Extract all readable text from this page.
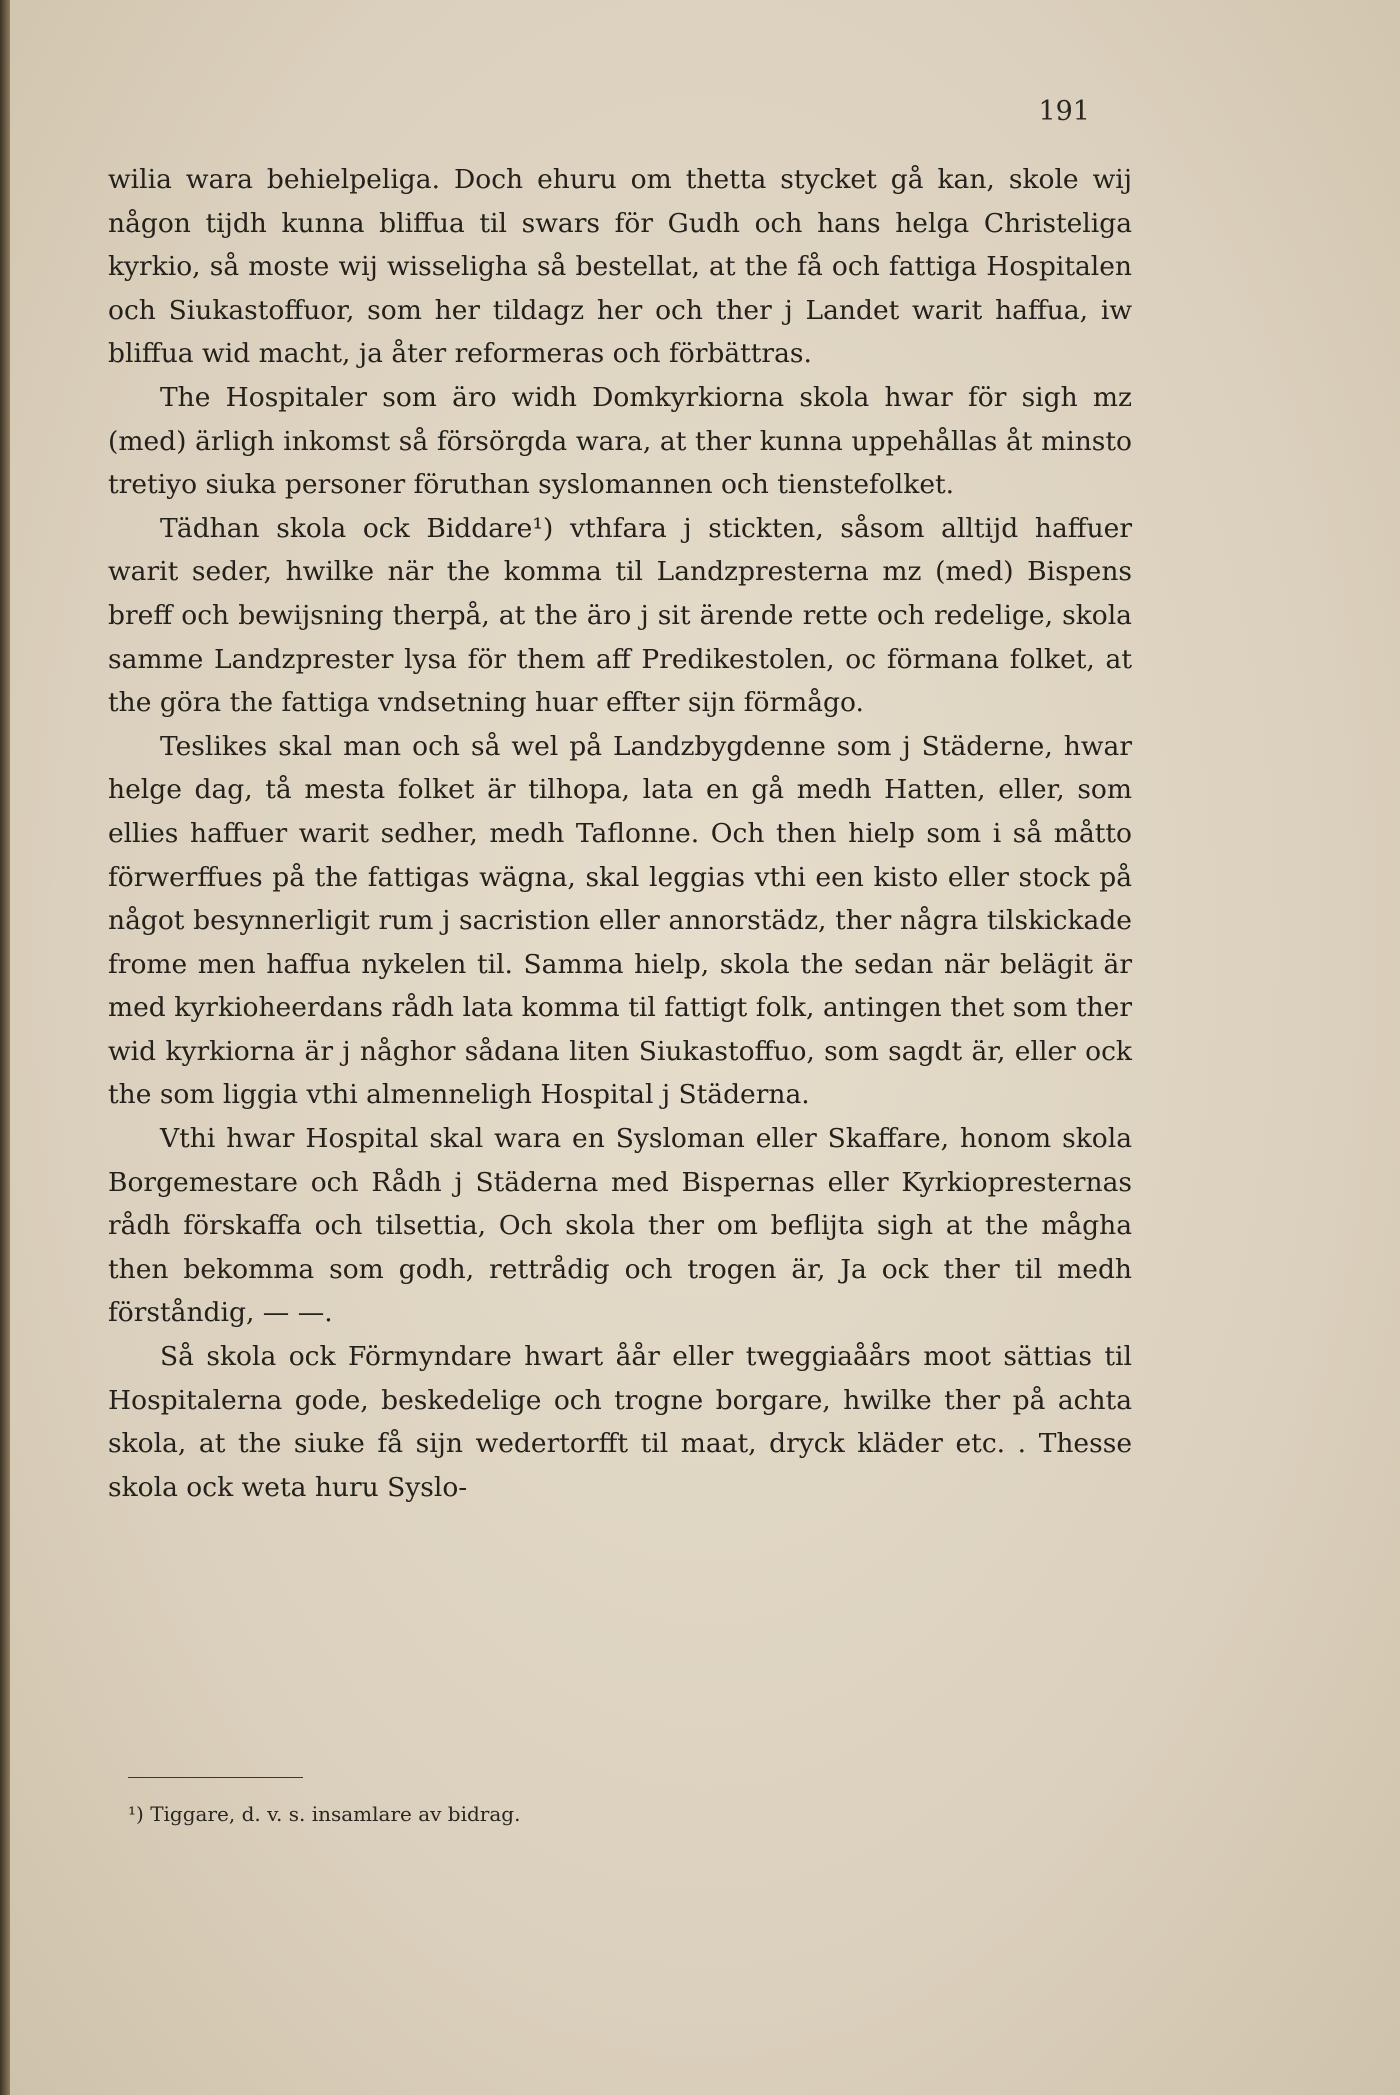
191

wilia wara behielpeliga. Doch ehuru om thetta stycket gå kan, skole wij någon tijdh kunna bliffua til swars för Gudh och hans helga Christeliga kyrkio, så moste wij wisseligha så bestellat, at the få och fattiga Hospitalen och Siukastoffuor, som her tildagz her och ther j Landet warit haffua, iw bliffua wid macht, ja åter reformeras och förbättras.

The Hospitaler som äro widh Domkyrkiorna skola hwar för sigh mz (med) ärligh inkomst så försörgda wara, at ther kunna uppehållas åt minsto tretiyo siuka personer föruthan syslomannen och tienstefolket.

Tädhan skola ock Biddare¹) vthfara j stickten, såsom alltijd haffuer warit seder, hwilke när the komma til Landzpresterna mz (med) Bispens breff och bewijsning therpå, at the äro j sit ärende rette och redelige, skola samme Landzprester lysa för them aff Predikestolen, oc förmana folket, at the göra the fattiga vndsetning huar effter sijn förmågo.

Teslikes skal man och så wel på Landzbygdenne som j Städerne, hwar helge dag, tå mesta folket är tilhopa, lata en gå medh Hatten, eller, som ellies haffuer warit sedher, medh Taflonne. Och then hielp som i så måtto förwerffues på the fattigas wägna, skal leggias vthi een kisto eller stock på något besynnerligit rum j sacristion eller annorstädz, ther några tilskickade frome men haffua nykelen til. Samma hielp, skola the sedan när belägit är med kyrkioheerdans rådh lata komma til fattigt folk, antingen thet som ther wid kyrkiorna är j någhor sådana liten Siukastoffuo, som sagdt är, eller ock the som liggia vthi almenneligh Hospital j Städerna.

Vthi hwar Hospital skal wara en Sysloman eller Skaffare, honom skola Borgemestare och Rådh j Städerna med Bispernas eller Kyrkiopresternas rådh förskaffa och tilsettia, Och skola ther om beflijta sigh at the mågha then bekomma som godh, rettrådig och trogen är, Ja ock ther til medh förståndig, — —.

Så skola ock Förmyndare hwart åår eller tweggiaåårs moot sättias til Hospitalerna gode, beskedelige och trogne borgare, hwilke ther på achta skola, at the siuke få sijn wedertorfft til maat, dryck kläder etc. . Thesse skola ock weta huru Syslo-

¹) Tiggare, d. v. s. insamlare av bidrag.
